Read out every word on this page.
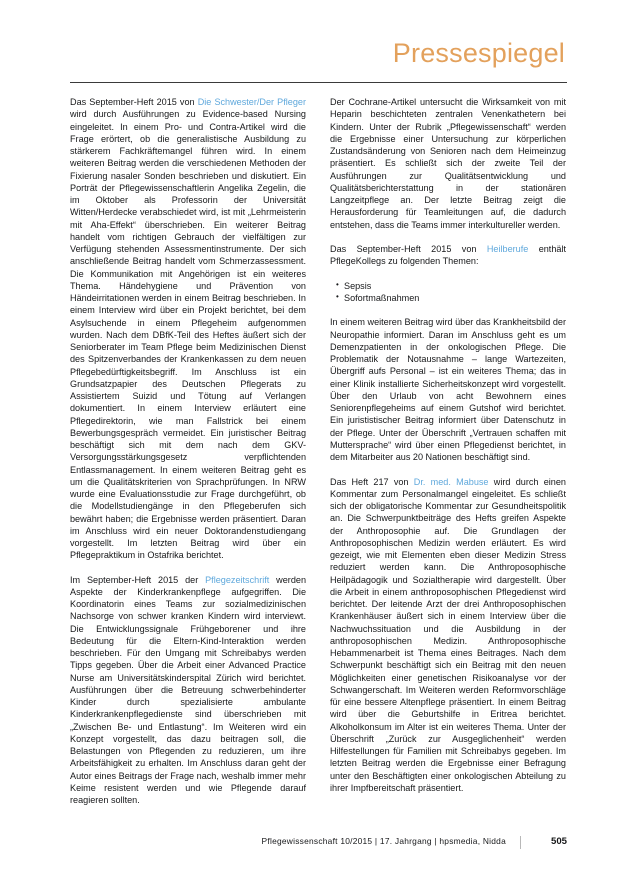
Pressespiegel

Das September-Heft 2015 von Die Schwester/Der Pfleger wird durch Ausführungen zu Evidence-based Nursing eingeleitet. In einem Pro- und Contra-Artikel wird die Frage erörtert, ob die generalistische Ausbildung zu stärkerem Fachkräftemangel führen wird. In einem weiteren Beitrag werden die verschiedenen Methoden der Fixierung nasaler Sonden beschrieben und diskutiert. Ein Porträt der Pflegewissenschaftlerin Angelika Zegelin, die im Oktober als Professorin der Universität Witten/Herdecke verabschiedet wird, ist mit „Lehrmeisterin mit Aha-Effekt“ überschrieben. Ein weiterer Beitrag handelt vom richtigen Gebrauch der vielfältigen zur Verfügung stehenden Assessmentinstrumente. Der sich anschließende Beitrag handelt vom Schmerzassessment. Die Kommunikation mit Angehörigen ist ein weiteres Thema. Händehygiene und Prävention von Händeirritationen werden in einem Beitrag beschrieben. In einem Interview wird über ein Projekt berichtet, bei dem Asylsuchende in einem Pflegeheim aufgenommen wurden. Nach dem DBfK-Teil des Heftes äußert sich der Seniorberater im Team Pflege beim Medizinischen Dienst des Spitzenverbandes der Krankenkassen zu dem neuen Pflegebedürftigkeitsbegriff. Im Anschluss ist ein Grundsatzpapier des Deutschen Pflegerats zu Assistiertem Suizid und Tötung auf Verlangen dokumentiert. In einem Interview erläutert eine Pflegedirektorin, wie man Fallstrick bei einem Bewerbungsgespräch vermeidet. Ein juristischer Beitrag beschäftigt sich mit dem nach dem GKV-Versorgungsstärkungsgesetz verpflichtenden Entlassmanagement. In einem weiteren Beitrag geht es um die Qualitätskriterien von Sprachprüfungen. In NRW wurde eine Evaluationsstudie zur Frage durchgeführt, ob die Modellstudiengänge in den Pflegeberufen sich bewährt haben; die Ergebnisse werden präsentiert. Daran im Anschluss wird ein neuer Doktorandenstudiengang vorgestellt. Im letzten Beitrag wird über ein Pflegepraktikum in Ostafrika berichtet.

Im September-Heft 2015 der Pflegezeitschrift werden Aspekte der Kinderkrankenpflege aufgegriffen. Die Koordinatorin eines Teams zur sozialmedizinischen Nachsorge von schwer kranken Kindern wird interviewt. Die Entwicklungssignale Frühgeborener und ihre Bedeutung für die Eltern-Kind-Interaktion werden beschrieben. Für den Umgang mit Schreibabys werden Tipps gegeben. Über die Arbeit einer Advanced Practice Nurse am Universitätskinderspital Zürich wird berichtet. Ausführungen über die Betreuung schwerbehinderter Kinder durch spezialisierte ambulante Kinderkrankenpflegedienste sind überschrieben mit „Zwischen Be- und Entlastung“. Im Weiteren wird ein Konzept vorgestellt, das dazu beitragen soll, die Belastungen von Pflegenden zu reduzieren, um ihre Arbeitsfähigkeit zu erhalten. Im Anschluss daran geht der Autor eines Beitrags der Frage nach, weshalb immer mehr Keime resistent werden und wie Pflegende darauf reagieren sollten.

Der Cochrane-Artikel untersucht die Wirksamkeit von mit Heparin beschichteten zentralen Venenkathetern bei Kindern. Unter der Rubrik „Pflegewissenschaft“ werden die Ergebnisse einer Untersuchung zur körperlichen Zustandsänderung von Senioren nach dem Heimeinzug präsentiert. Es schließt sich der zweite Teil der Ausführungen zur Qualitätsentwicklung und Qualitätsberichterstattung in der stationären Langzeitpflege an. Der letzte Beitrag zeigt die Herausforderung für Teamleitungen auf, die dadurch entstehen, dass die Teams immer interkultureller werden.

Das September-Heft 2015 von Heilberufe enthält PflegeKollegs zu folgenden Themen:

• Sepsis
• Sofortmaßnahmen

In einem weiteren Beitrag wird über das Krankheitsbild der Neuropathie informiert. Daran im Anschluss geht es um Demenzpatienten in der onkologischen Pflege. Die Problematik der Notausnahme – lange Wartezeiten, Übergriff aufs Personal – ist ein weiteres Thema; das in einer Klinik installierte Sicherheitskonzept wird vorgestellt. Über den Urlaub von acht Bewohnern eines Seniorenpflegeheims auf einem Gutshof wird berichtet. Ein jurististischer Beitrag informiert über Datenschutz in der Pflege. Unter der Überschrift „Vertrauen schaffen mit Muttersprache“ wird über einen Pflegedienst berichtet, in dem Mitarbeiter aus 20 Nationen beschäftigt sind.

Das Heft 217 von Dr. med. Mabuse wird durch einen Kommentar zum Personalmangel eingeleitet. Es schließt sich der obligatorische Kommentar zur Gesundheitspolitik an. Die Schwerpunktbeiträge des Hefts greifen Aspekte der Anthroposophie auf. Die Grundlagen der Anthroposophischen Medizin werden erläutert. Es wird gezeigt, wie mit Elementen eben dieser Medizin Stress reduziert werden kann. Die Anthroposophische Heilpädagogik und Sozialtherapie wird dargestellt. Über die Arbeit in einem anthroposophischen Pflegedienst wird berichtet. Der leitende Arzt der drei Anthroposophischen Krankenhäuser äußert sich in einem Interview über die Nachwuchssituation und die Ausbildung in der anthroposophischen Medizin. Anthroposophische Hebammenarbeit ist Thema eines Beitrages. Nach dem Schwerpunkt beschäftigt sich ein Beitrag mit den neuen Möglichkeiten einer genetischen Risikoanalyse vor der Schwangerschaft. Im Weiteren werden Reformvorschläge für eine bessere Altenpflege präsentiert. In einem Beitrag wird über die Geburtshilfe in Eritrea berichtet. Alkoholkonsum im Alter ist ein weiteres Thema. Unter der Überschrift „Zurück zur Ausgeglichenheit“ werden Hilfestellungen für Familien mit Schreibabys gegeben. Im letzten Beitrag werden die Ergebnisse einer Befragung unter den Beschäftigten einer onkologischen Abteilung zu ihrer Impfbereitschaft präsentiert.

Pflegewissenschaft 10/2015 | 17. Jahrgang | hpsmedia, Nidda	505
